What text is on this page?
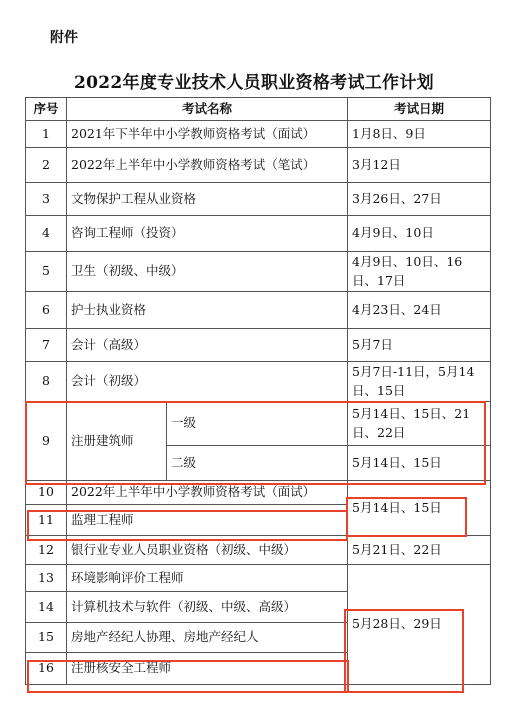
附件
2022年度专业技术人员职业资格考试工作计划
序号	考试名称		考试日期
1	2021年下半年中小学教师资格考试（面试）		1月8日、9日
2	2022年上半年中小学教师资格考试（笔试）		3月12日
3	文物保护工程从业资格		3月26日、27日
4	咨询工程师（投资）		4月9日、10日
5	卫生（初级、中级）		4月9日、10日、16日、17日
6	护士执业资格		4月23日、24日
7	会计（高级）		5月7日
8	会计（初级）		5月7日-11日，5月14日、15日
9	注册建筑师	一级	5月14日、15日、21日、22日
		二级	5月14日、15日
10	2022年上半年中小学教师资格考试（面试）		5月14日、15日
11	监理工程师		
12	银行业专业人员职业资格（初级、中级）		5月21日、22日
13	环境影响评价工程师		5月28日、29日
14	计算机技术与软件（初级、中级、高级）		
15	房地产经纪人协理、房地产经纪人		
16	注册核安全工程师		
